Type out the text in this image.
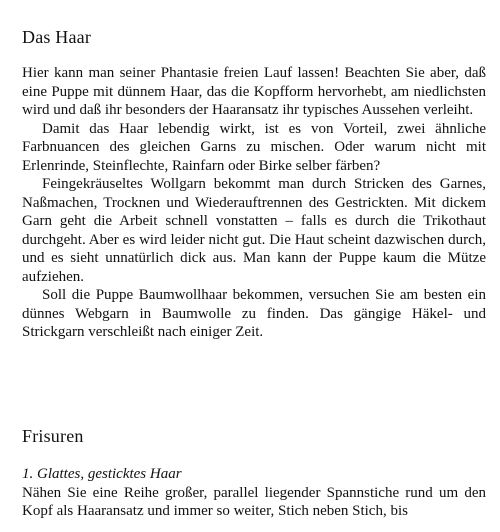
Das Haar

Hier kann man seiner Phantasie freien Lauf lassen! Beachten Sie aber, daß eine Puppe mit dünnem Haar, das die Kopfform hervorhebt, am niedlichsten wird und daß ihr besonders der Haaransatz ihr typisches Aussehen verleiht.

Damit das Haar lebendig wirkt, ist es von Vorteil, zwei ähnliche Farbnuancen des gleichen Garns zu mischen. Oder warum nicht mit Erlenrinde, Steinflechte, Rainfarn oder Birke selber färben?

Feingekräuseltes Wollgarn bekommt man durch Stricken des Garnes, Naßmachen, Trocknen und Wiederauftrennen des Gestrickten. Mit dickem Garn geht die Arbeit schnell vonstatten – falls es durch die Trikothaut durchgeht. Aber es wird leider nicht gut. Die Haut scheint dazwischen durch, und es sieht unnatürlich dick aus. Man kann der Puppe kaum die Mütze aufziehen.

Soll die Puppe Baumwollhaar bekommen, versuchen Sie am besten ein dünnes Webgarn in Baumwolle zu finden. Das gängige Häkel- und Strickgarn verschleißt nach einiger Zeit.

Frisuren
1. Glattes, gesticktes Haar

Nähen Sie eine Reihe großer, parallel liegender Spannstiche rund um den Kopf als Haaransatz und immer so weiter, Stich neben Stich, bis
